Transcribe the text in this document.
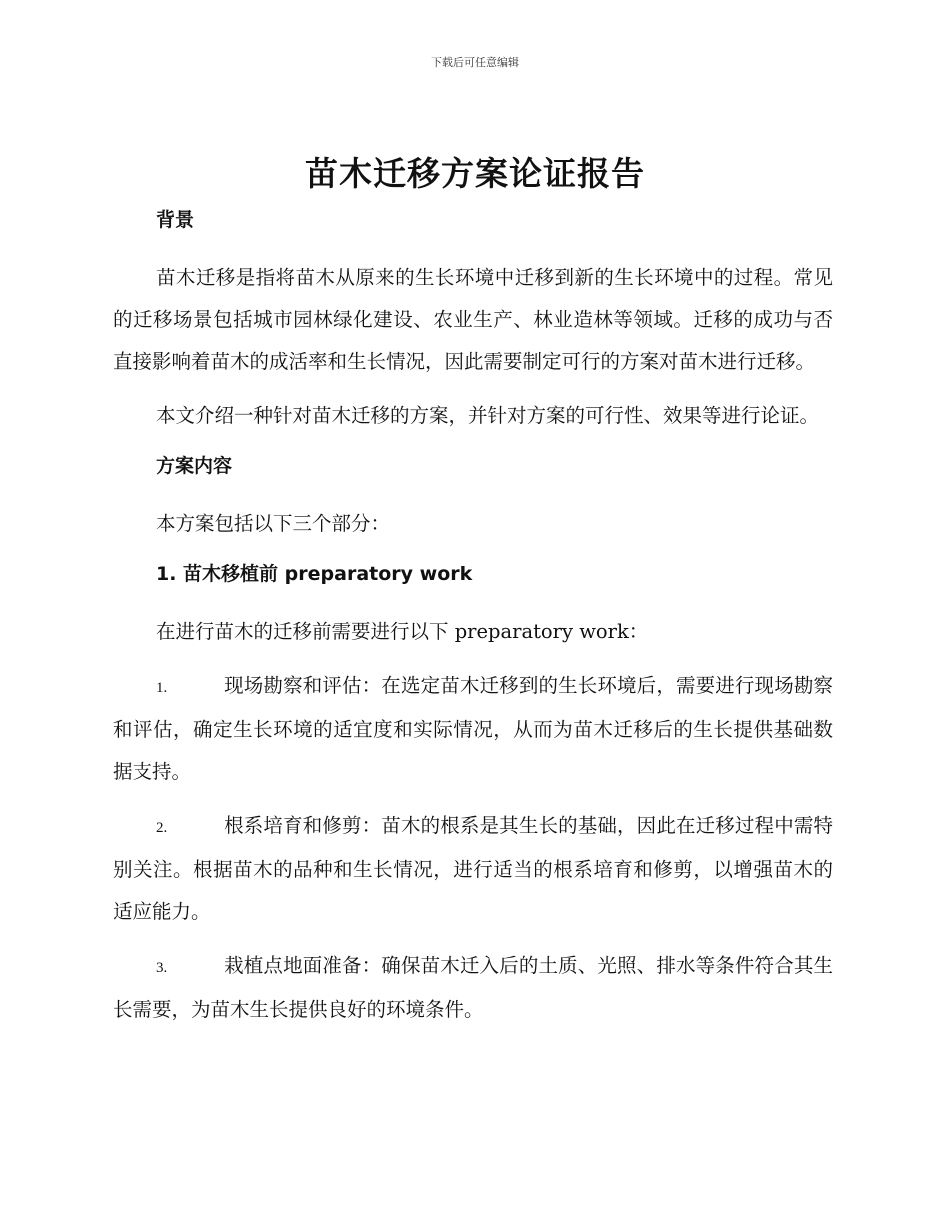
下载后可任意编辑
苗木迁移方案论证报告

背景

苗木迁移是指将苗木从原来的生长环境中迁移到新的生长环境中的过程。常见的迁移场景包括城市园林绿化建设、农业生产、林业造林等领域。迁移的成功与否直接影响着苗木的成活率和生长情况，因此需要制定可行的方案对苗木进行迁移。

本文介绍一种针对苗木迁移的方案，并针对方案的可行性、效果等进行论证。

方案内容

本方案包括以下三个部分：

1. 苗木移植前 preparatory work

在进行苗木的迁移前需要进行以下 preparatory work：

1.	现场勘察和评估：在选定苗木迁移到的生长环境后，需要进行现场勘察和评估，确定生长环境的适宜度和实际情况，从而为苗木迁移后的生长提供基础数据支持。

2.	根系培育和修剪：苗木的根系是其生长的基础，因此在迁移过程中需特别关注。根据苗木的品种和生长情况，进行适当的根系培育和修剪，以增强苗木的适应能力。

3.	栽植点地面准备：确保苗木迁入后的土质、光照、排水等条件符合其生长需要，为苗木生长提供良好的环境条件。
